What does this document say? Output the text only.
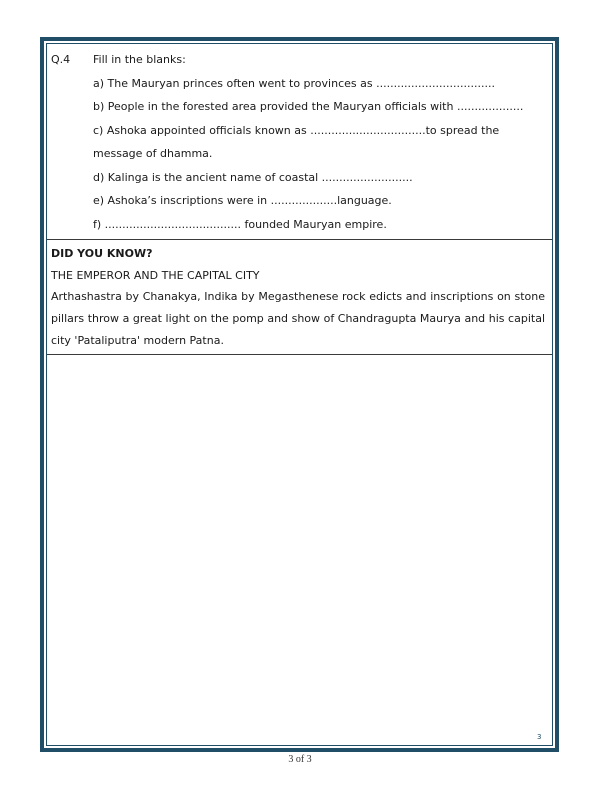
Q.4	Fill in the blanks:

a) The Mauryan princes often went to provinces as ..................................

b) People in the forested area provided the Mauryan officials with ...................

c) Ashoka appointed officials known as .................................to spread the message of dhamma.

d) Kalinga is the ancient name of coastal ..........................

e) Ashoka’s inscriptions were in ...................language.

f) ....................................... founded Mauryan empire.

DID YOU KNOW?

THE EMPEROR AND THE CAPITAL CITY

Arthashastra by Chanakya, Indika by Megasthenese rock edicts and inscriptions on stone pillars throw a great light on the pomp and show of Chandragupta Maurya and his capital city 'Pataliputra' modern Patna.

3
3 of 3
